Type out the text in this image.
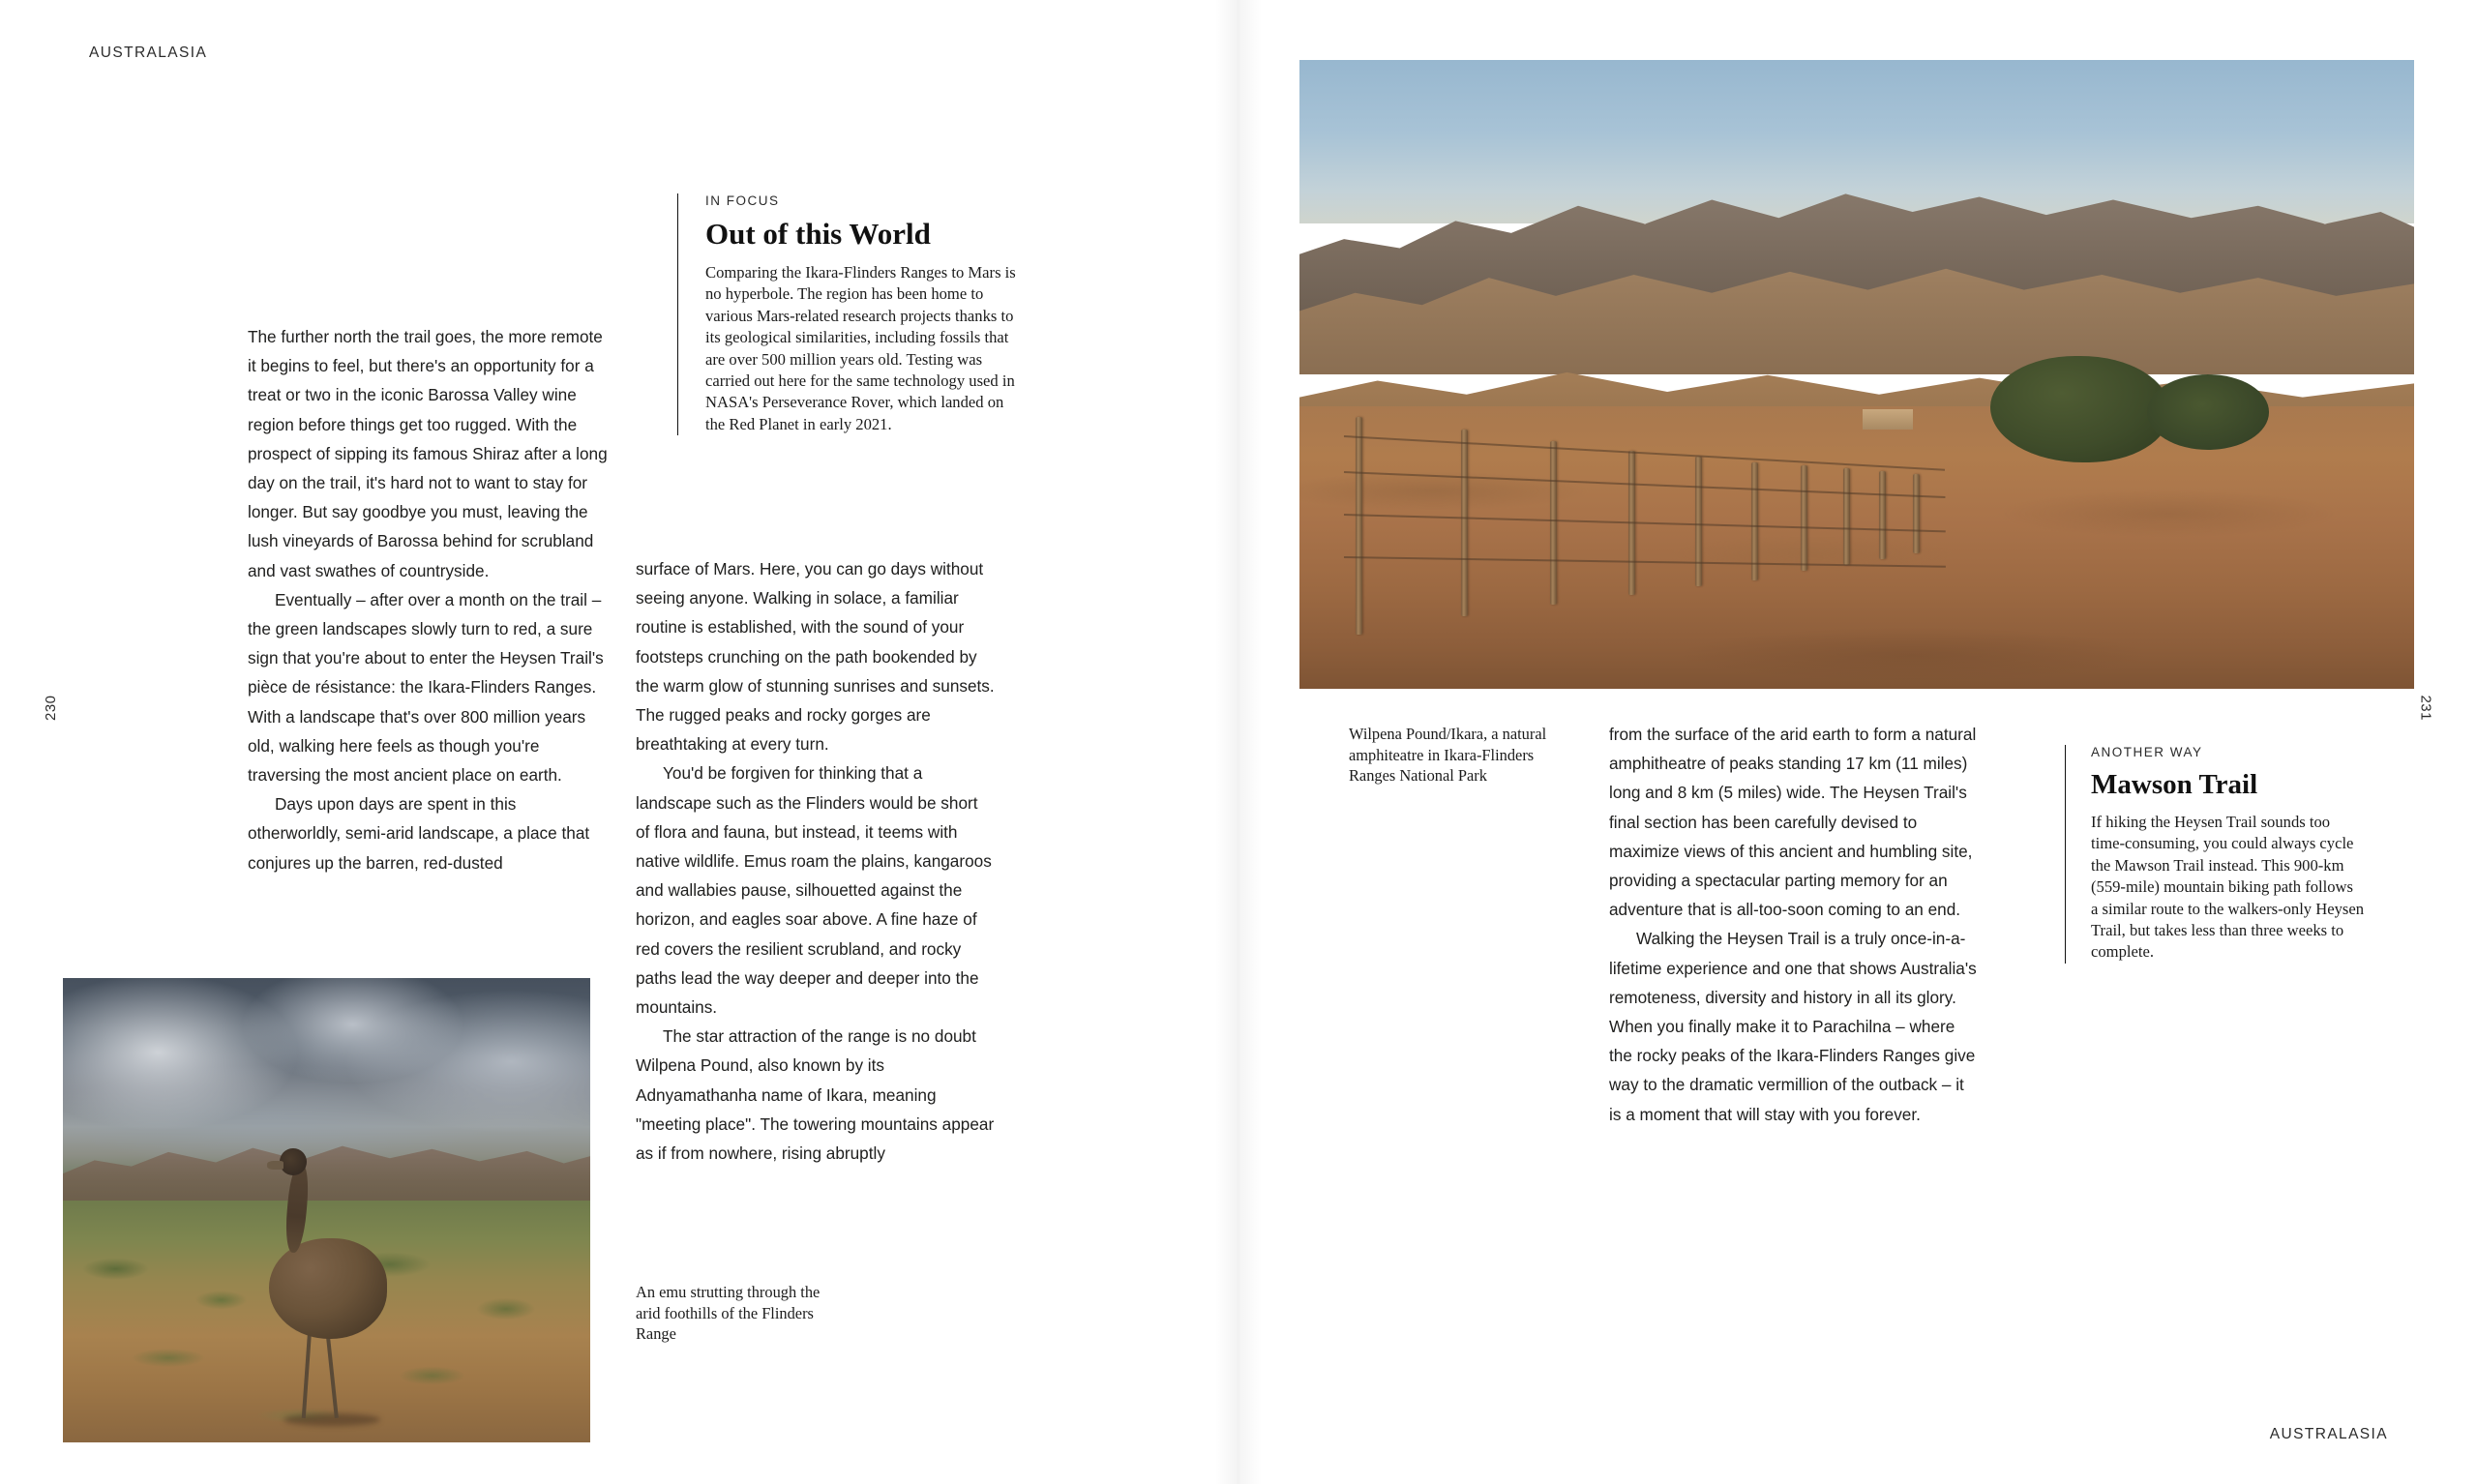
AUSTRALASIA
230
IN FOCUS
Out of this World

Comparing the Ikara-Flinders Ranges to Mars is no hyperbole. The region has been home to various Mars-related research projects thanks to its geological similarities, including fossils that are over 500 million years old. Testing was carried out here for the same technology used in NASA's Perseverance Rover, which landed on the Red Planet in early 2021.

The further north the trail goes, the more remote it begins to feel, but there's an opportunity for a treat or two in the iconic Barossa Valley wine region before things get too rugged. With the prospect of sipping its famous Shiraz after a long day on the trail, it's hard not to want to stay for longer. But say goodbye you must, leaving the lush vineyards of Barossa behind for scrubland and vast swathes of countryside.

Eventually – after over a month on the trail – the green landscapes slowly turn to red, a sure sign that you're about to enter the Heysen Trail's pièce de résistance: the Ikara-Flinders Ranges. With a landscape that's over 800 million years old, walking here feels as though you're traversing the most ancient place on earth.

Days upon days are spent in this otherworldly, semi-arid landscape, a place that conjures up the barren, red-dusted

surface of Mars. Here, you can go days without seeing anyone. Walking in solace, a familiar routine is established, with the sound of your footsteps crunching on the path bookended by the warm glow of stunning sunrises and sunsets. The rugged peaks and rocky gorges are breathtaking at every turn.

You'd be forgiven for thinking that a landscape such as the Flinders would be short of flora and fauna, but instead, it teems with native wildlife. Emus roam the plains, kangaroos and wallabies pause, silhouetted against the horizon, and eagles soar above. A fine haze of red covers the resilient scrubland, and rocky paths lead the way deeper and deeper into the mountains.

The star attraction of the range is no doubt Wilpena Pound, also known by its Adnyamathanha name of Ikara, meaning "meeting place". The towering mountains appear as if from nowhere, rising abruptly

An emu strutting through the arid foothills of the Flinders Range
231
AUSTRALASIA
Wilpena Pound/Ikara, a natural amphiteatre in Ikara-Flinders Ranges National Park

from the surface of the arid earth to form a natural amphitheatre of peaks standing 17 km (11 miles) long and 8 km (5 miles) wide. The Heysen Trail's final section has been carefully devised to maximize views of this ancient and humbling site, providing a spectacular parting memory for an adventure that is all-too-soon coming to an end.

Walking the Heysen Trail is a truly once-in-a-lifetime experience and one that shows Australia's remoteness, diversity and history in all its glory. When you finally make it to Parachilna – where the rocky peaks of the Ikara-Flinders Ranges give way to the dramatic vermillion of the outback – it is a moment that will stay with you forever.

ANOTHER WAY
Mawson Trail

If hiking the Heysen Trail sounds too time-consuming, you could always cycle the Mawson Trail instead. This 900-km (559-mile) mountain biking path follows a similar route to the walkers-only Heysen Trail, but takes less than three weeks to complete.
